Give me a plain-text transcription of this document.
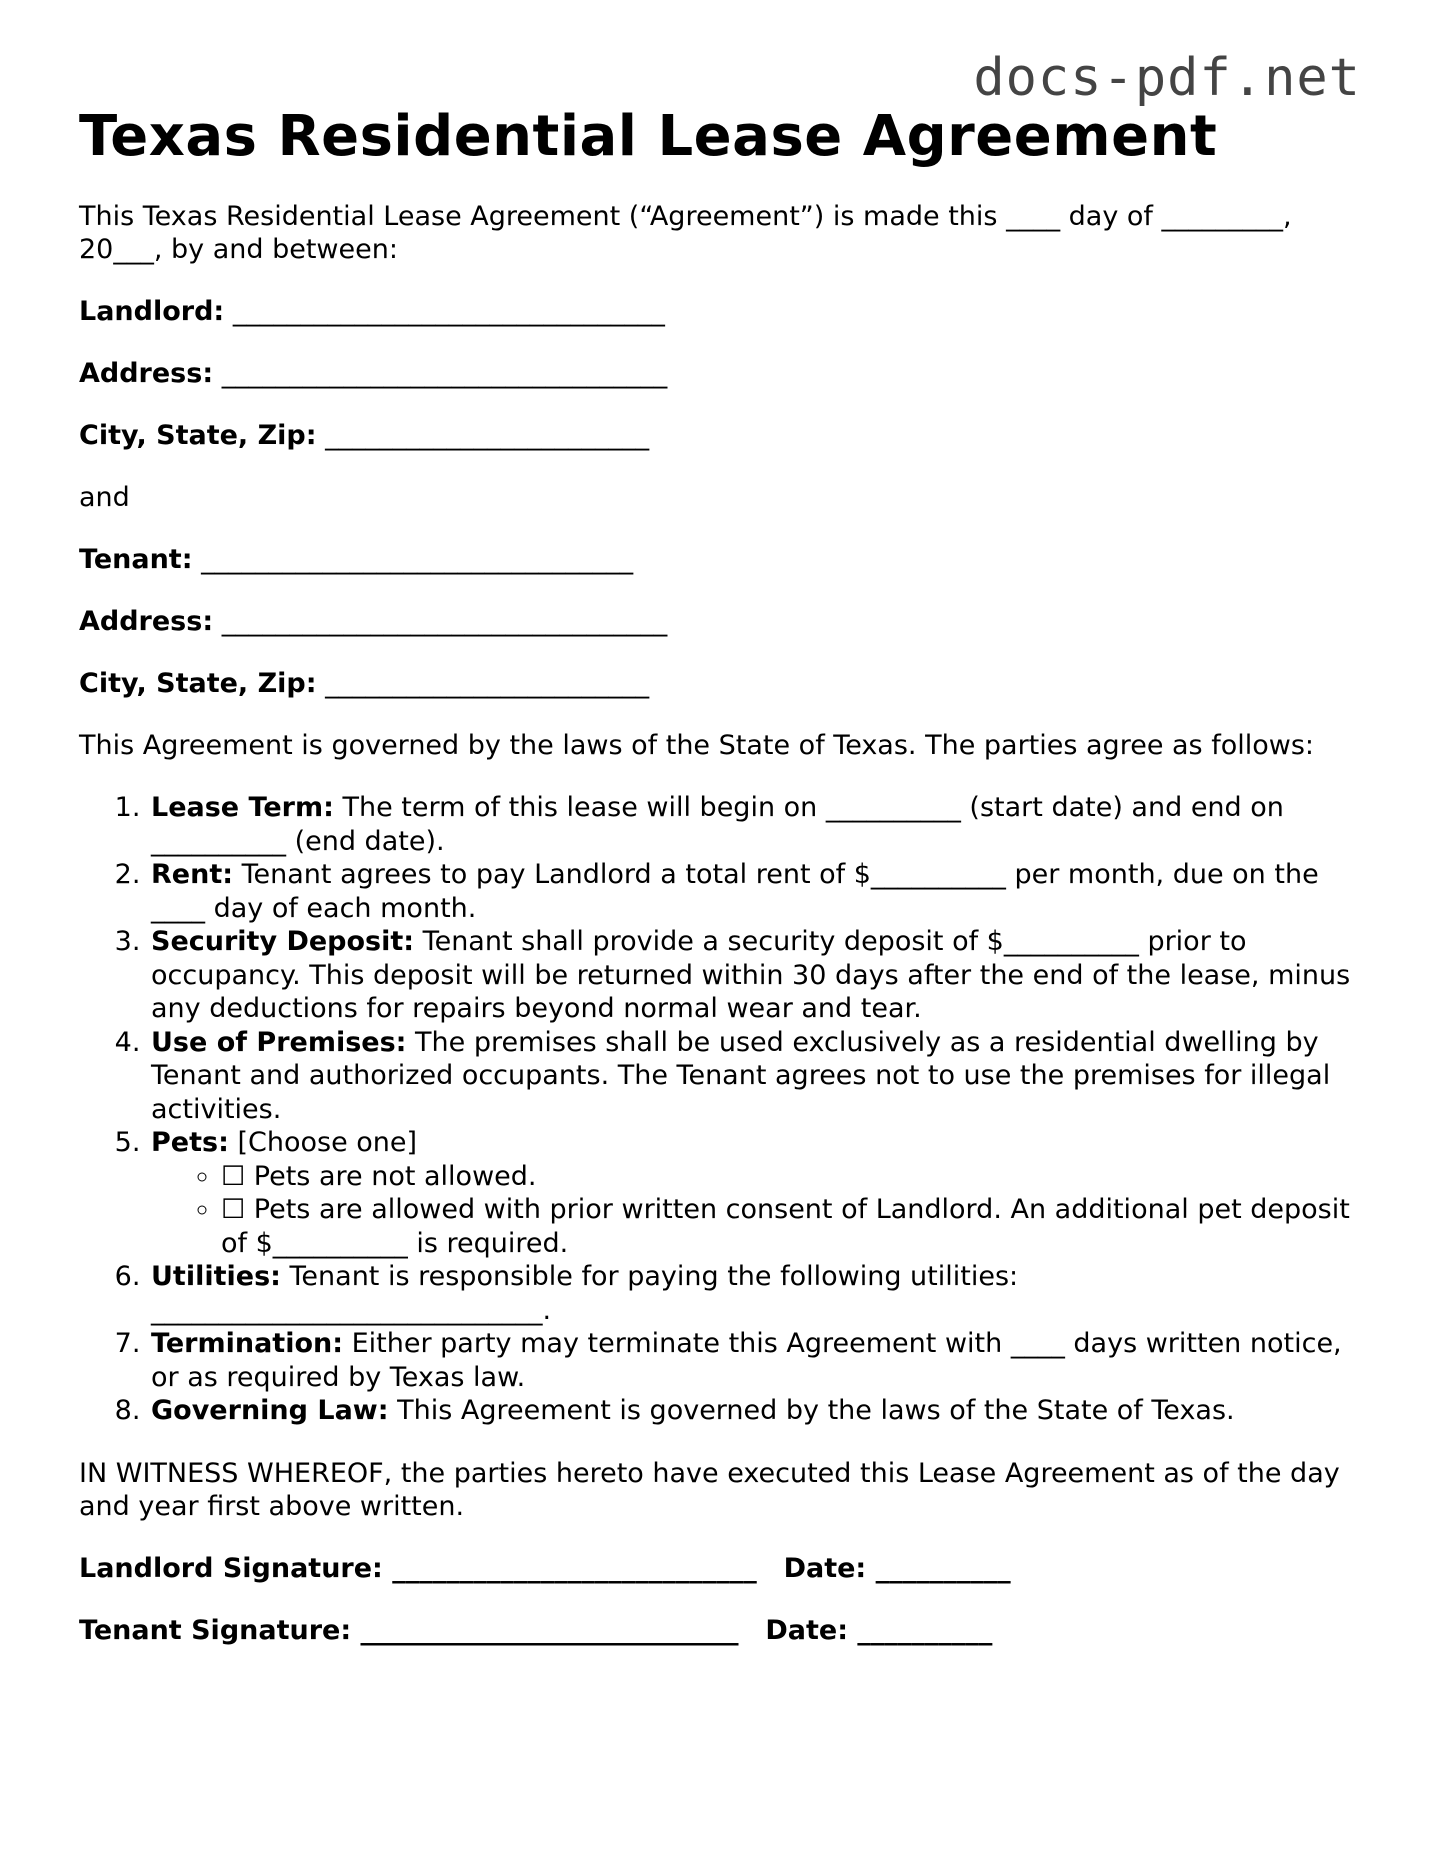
docs-pdf.net
Texas Residential Lease Agreement
This Texas Residential Lease Agreement (“Agreement”) is made this ____ day of _________, 20___, by and between:
Landlord: ________________________________
Address: _________________________________
City, State, Zip: ________________________
and
Tenant: ________________________________
Address: _________________________________
City, State, Zip: ________________________
This Agreement is governed by the laws of the State of Texas. The parties agree as follows:
1. Lease Term: The term of this lease will begin on __________ (start date) and end on __________ (end date).
2. Rent: Tenant agrees to pay Landlord a total rent of $__________ per month, due on the ____ day of each month.
3. Security Deposit: Tenant shall provide a security deposit of $__________ prior to occupancy. This deposit will be returned within 30 days after the end of the lease, minus any deductions for repairs beyond normal wear and tear.
4. Use of Premises: The premises shall be used exclusively as a residential dwelling by Tenant and authorized occupants. The Tenant agrees not to use the premises for illegal activities.
5. Pets: [Choose one]
◦ ☐ Pets are not allowed.
◦ ☐ Pets are allowed with prior written consent of Landlord. An additional pet deposit of $__________ is required.
6. Utilities: Tenant is responsible for paying the following utilities: _____________________________.
7. Termination: Either party may terminate this Agreement with ____ days written notice, or as required by Texas law.
8. Governing Law: This Agreement is governed by the laws of the State of Texas.
IN WITNESS WHEREOF, the parties hereto have executed this Lease Agreement as of the day and year first above written.
Landlord Signature: ___________________________ Date: __________
Tenant Signature: ____________________________ Date: __________
